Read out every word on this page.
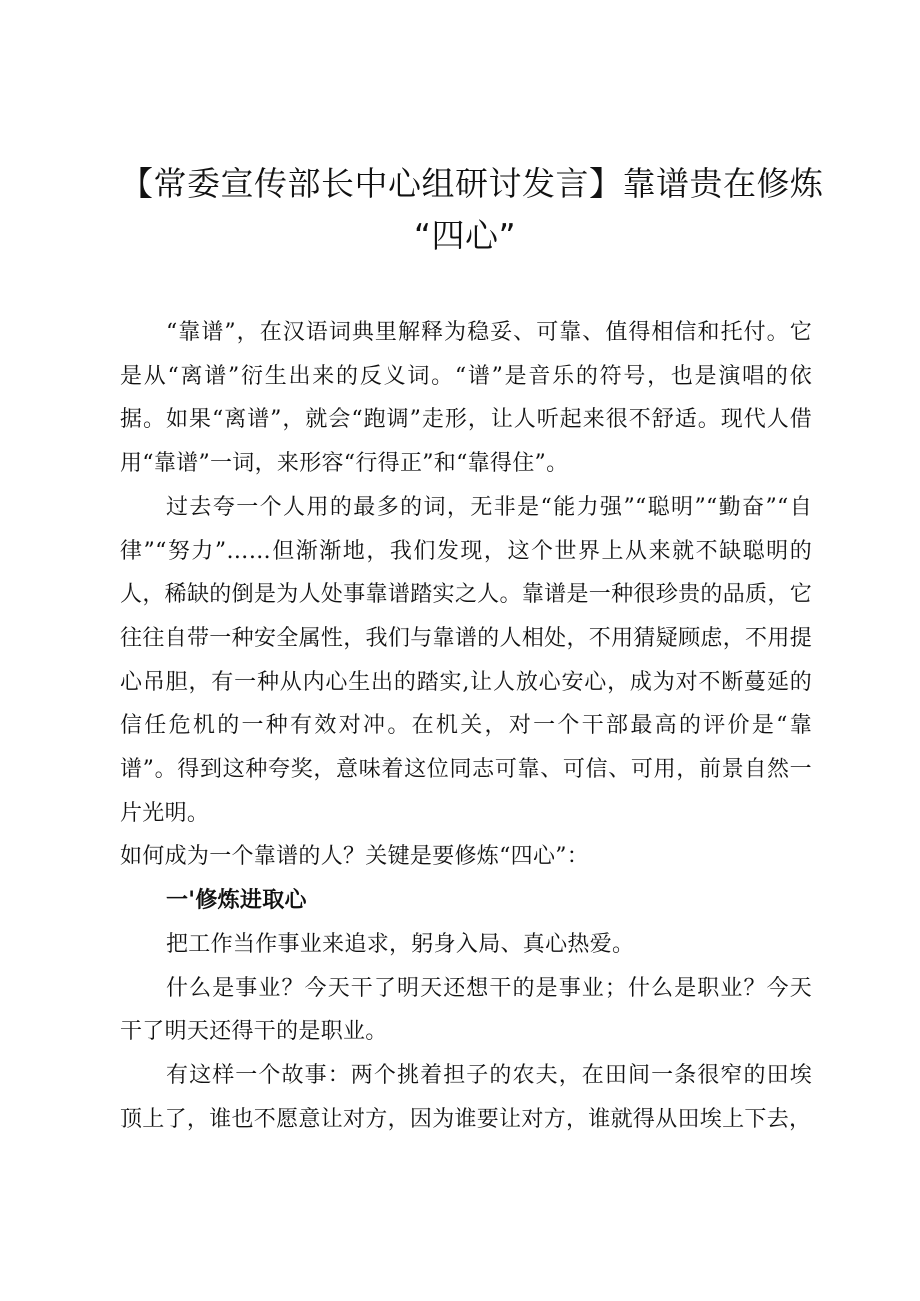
【常委宣传部长中心组研讨发言】靠谱贵在修炼
“四心”

“靠谱”，在汉语词典里解释为稳妥、可靠、值得相信和托付。它是从“离谱”衍生出来的反义词。“谱”是音乐的符号，也是演唱的依据。如果“离谱”，就会“跑调”走形，让人听起来很不舒适。现代人借用“靠谱”一词，来形容“行得正”和“靠得住”。

过去夸一个人用的最多的词，无非是“能力强”“聪明”“勤奋”“自律”“努力”……但渐渐地，我们发现，这个世界上从来就不缺聪明的人，稀缺的倒是为人处事靠谱踏实之人。靠谱是一种很珍贵的品质，它往往自带一种安全属性，我们与靠谱的人相处，不用猜疑顾虑，不用提心吊胆，有一种从内心生出的踏实,让人放心安心，成为对不断蔓延的信任危机的一种有效对冲。在机关，对一个干部最高的评价是“靠谱”。得到这种夸奖，意味着这位同志可靠、可信、可用，前景自然一片光明。

如何成为一个靠谱的人？关键是要修炼“四心”：

一'修炼进取心

把工作当作事业来追求，躬身入局、真心热爱。

什么是事业？今天干了明天还想干的是事业；什么是职业？今天干了明天还得干的是职业。

有这样一个故事：两个挑着担子的农夫，在田间一条很窄的田埃顶上了，谁也不愿意让对方，因为谁要让对方，谁就得从田埃上下去，
